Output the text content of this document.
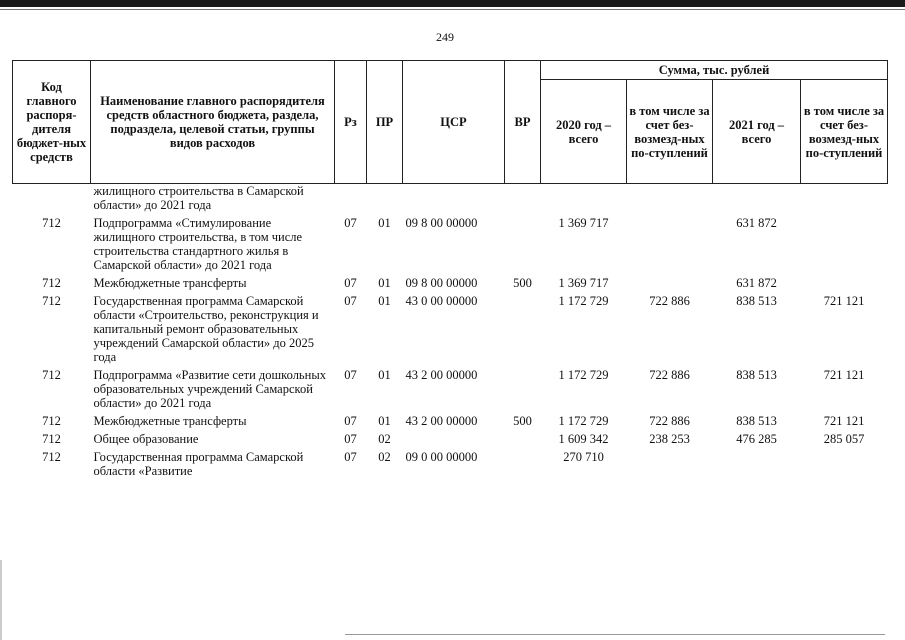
249
Код главного распоря-дителя бюджет-ных средств	Наименование главного распорядителя средств областного бюджета, раздела, подраздела, целевой статьи, группы видов расходов	Рз	ПР	ЦСР	ВР	Сумма, тыс. рублей			
						2020 год – всего	в том числе за счет без-возмезд-ных по-ступлений	2021 год – всего	в том числе за счет без-возмезд-ных по-ступлений
	жилищного строительства в Самарской области» до 2021 года								
712	Подпрограмма «Стимулирование жилищного строительства, в том числе строительства стандартного жилья в Самарской области» до 2021 года	07	01	09 8 00 00000		1 369 717		631 872	
712	Межбюджетные трансферты	07	01	09 8 00 00000	500	1 369 717		631 872	
712	Государственная программа Самарской области «Строительство, реконструкция и капитальный ремонт образовательных учреждений Самарской области» до 2025 года	07	01	43 0 00 00000		1 172 729	722 886	838 513	721 121
712	Подпрограмма «Развитие сети дошкольных образовательных учреждений Самарской области» до 2021 года	07	01	43 2 00 00000		1 172 729	722 886	838 513	721 121
712	Межбюджетные трансферты	07	01	43 2 00 00000	500	1 172 729	722 886	838 513	721 121
712	Общее образование	07	02			1 609 342	238 253	476 285	285 057
712	Государственная программа Самарской области «Развитие	07	02	09 0 00 00000		270 710			
